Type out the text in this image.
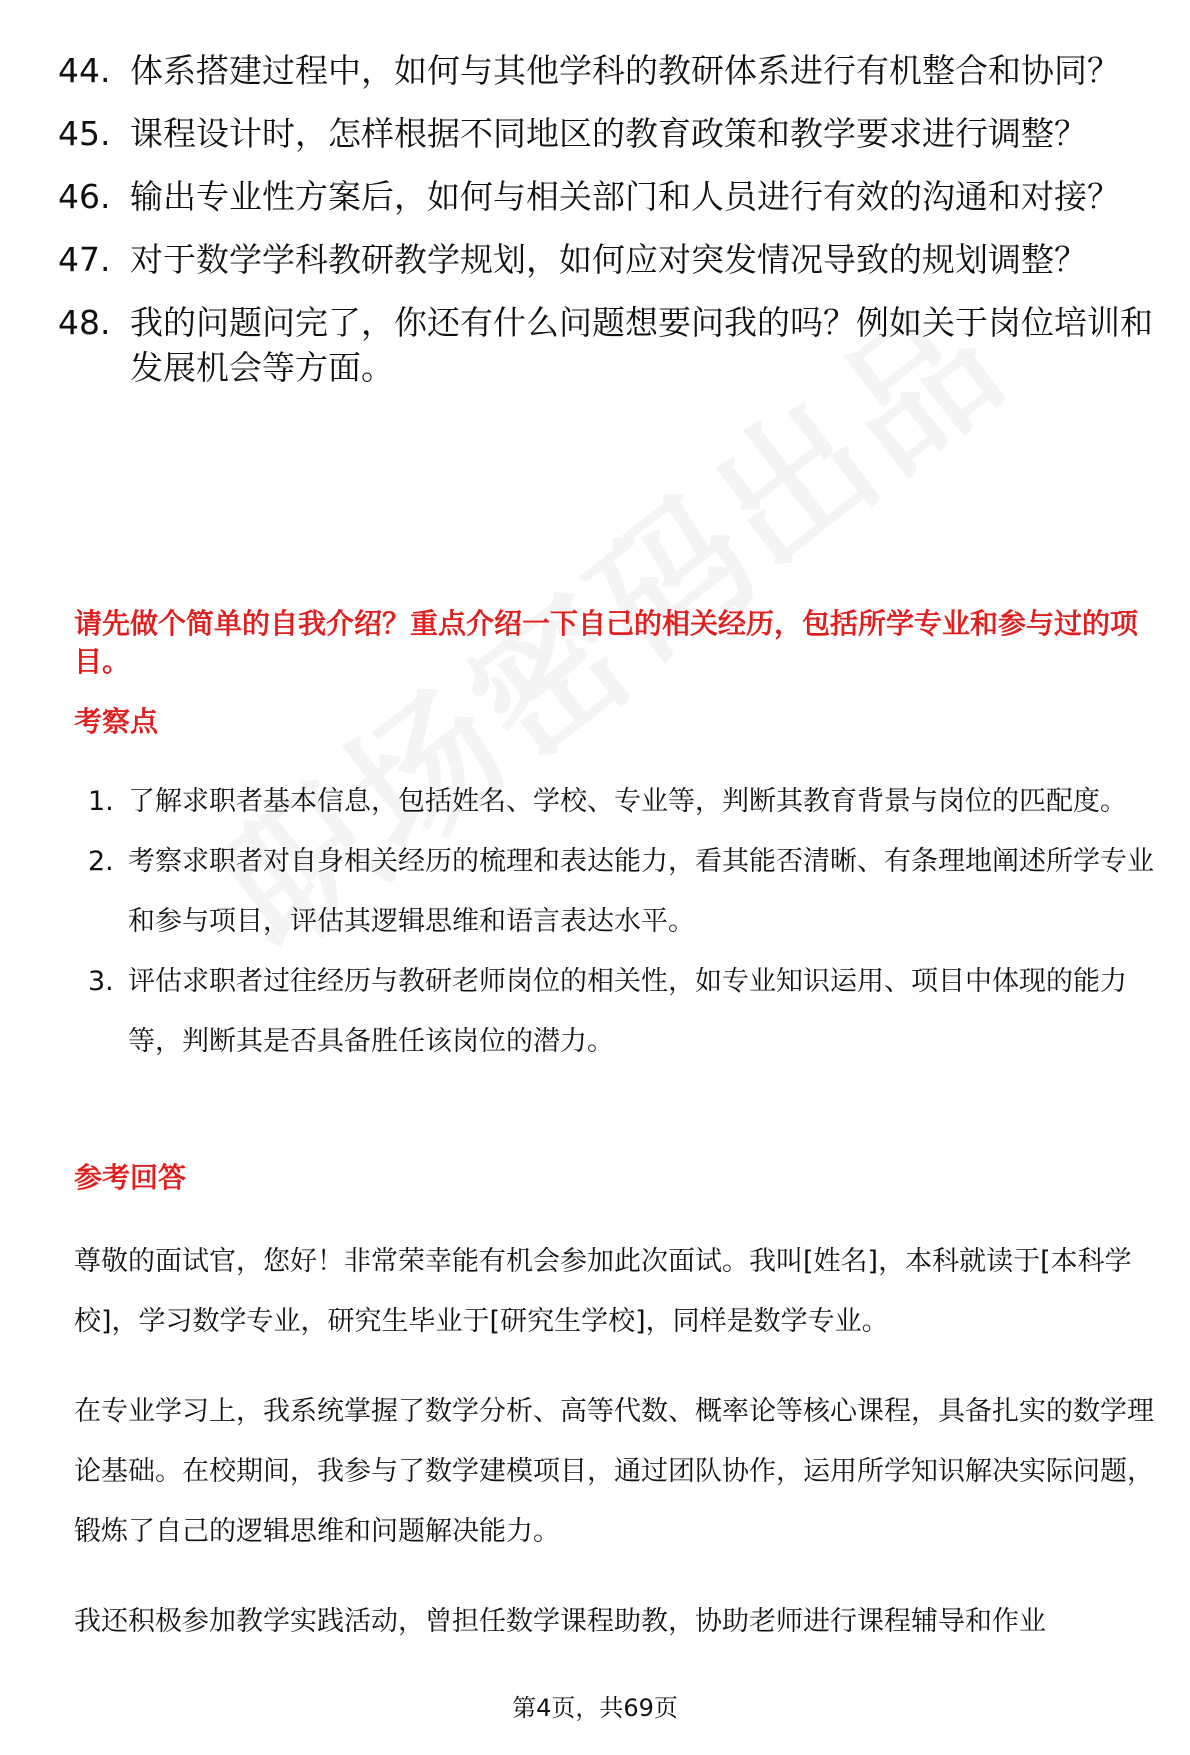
44. 体系搭建过程中，如何与其他学科的教研体系进行有机整合和协同？
45. 课程设计时，怎样根据不同地区的教育政策和教学要求进行调整？
46. 输出专业性方案后，如何与相关部门和人员进行有效的沟通和对接？
47. 对于数学学科教研教学规划，如何应对突发情况导致的规划调整？
48. 我的问题问完了，你还有什么问题想要问我的吗？例如关于岗位培训和发展机会等方面。
请先做个简单的自我介绍？重点介绍一下自己的相关经历，包括所学专业和参与过的项目。
考察点
1. 了解求职者基本信息，包括姓名、学校、专业等，判断其教育背景与岗位的匹配度。
2. 考察求职者对自身相关经历的梳理和表达能力，看其能否清晰、有条理地阐述所学专业和参与项目，评估其逻辑思维和语言表达水平。
3. 评估求职者过往经历与教研老师岗位的相关性，如专业知识运用、项目中体现的能力等，判断其是否具备胜任该岗位的潜力。
参考回答
尊敬的面试官，您好！非常荣幸能有机会参加此次面试。我叫[姓名]，本科就读于[本科学校]，学习数学专业，研究生毕业于[研究生学校]，同样是数学专业。
在专业学习上，我系统掌握了数学分析、高等代数、概率论等核心课程，具备扎实的数学理论基础。在校期间，我参与了数学建模项目，通过团队协作，运用所学知识解决实际问题，锻炼了自己的逻辑思维和问题解决能力。
我还积极参加教学实践活动，曾担任数学课程助教，协助老师进行课程辅导和作业
第4页，共69页
